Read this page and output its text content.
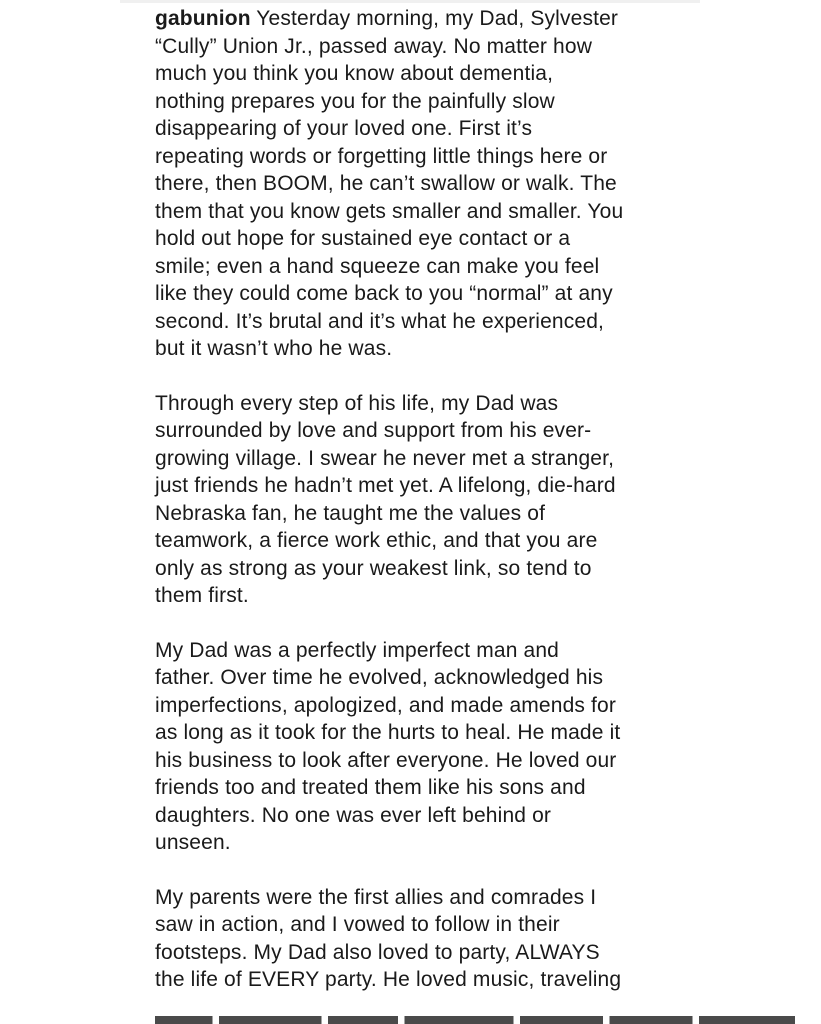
gabunion Yesterday morning, my Dad, Sylvester
“Cully” Union Jr., passed away. No matter how
much you think you know about dementia,
nothing prepares you for the painfully slow
disappearing of your loved one. First it’s
repeating words or forgetting little things here or
there, then BOOM, he can’t swallow or walk. The
them that you know gets smaller and smaller. You
hold out hope for sustained eye contact or a
smile; even a hand squeeze can make you feel
like they could come back to you “normal” at any
second. It’s brutal and it’s what he experienced,
but it wasn’t who he was.

Through every step of his life, my Dad was
surrounded by love and support from his ever-
growing village. I swear he never met a stranger,
just friends he hadn’t met yet. A lifelong, die-hard
Nebraska fan, he taught me the values of
teamwork, a fierce work ethic, and that you are
only as strong as your weakest link, so tend to
them first.

My Dad was a perfectly imperfect man and
father. Over time he evolved, acknowledged his
imperfections, apologized, and made amends for
as long as it took for the hurts to heal. He made it
his business to look after everyone. He loved our
friends too and treated them like his sons and
daughters. No one was ever left behind or
unseen.

My parents were the first allies and comrades I
saw in action, and I vowed to follow in their
footsteps. My Dad also loved to party, ALWAYS
the life of EVERY party. He loved music, traveling
